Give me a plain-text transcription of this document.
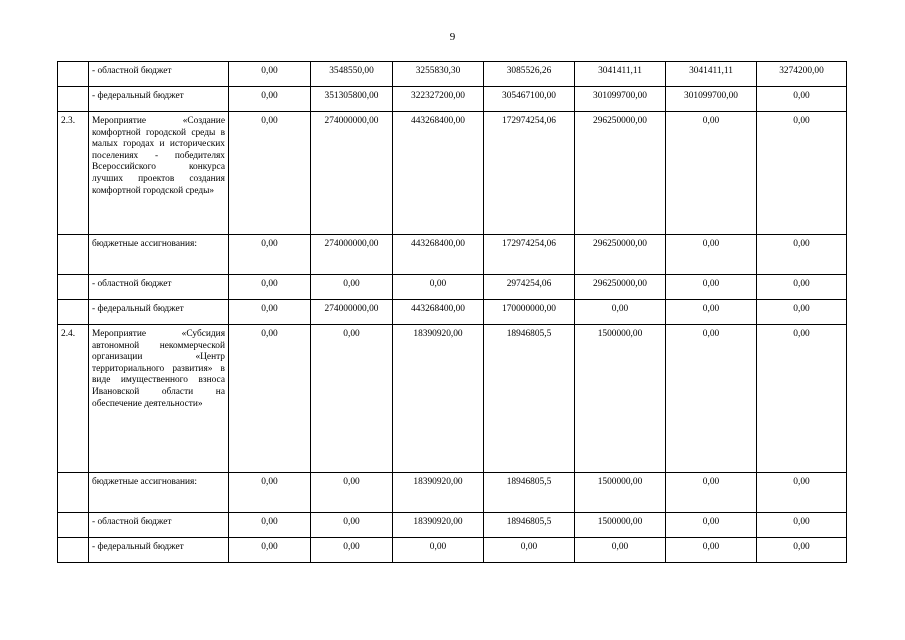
9
	- областной бюджет	0,00	3548550,00	3255830,30	3085526,26	3041411,11	3041411,11	3274200,00
	- федеральный бюджет	0,00	351305800,00	322327200,00	305467100,00	301099700,00	301099700,00	0,00
2.3.	Мероприятие «Создание комфортной городской среды в малых городах и исторических поселениях - победителях Всероссийского конкурса лучших проектов создания комфортной городской среды»	0,00	274000000,00	443268400,00	172974254,06	296250000,00	0,00	0,00
	бюджетные ассигнования:	0,00	274000000,00	443268400,00	172974254,06	296250000,00	0,00	0,00
	- областной бюджет	0,00	0,00	0,00	2974254,06	296250000,00	0,00	0,00
	- федеральный бюджет	0,00	274000000,00	443268400,00	170000000,00	0,00	0,00	0,00
2.4.	Мероприятие «Субсидия автономной некоммерческой организации «Центр территориального развития» в виде имущественного взноса Ивановской области на обеспечение деятельности»	0,00	0,00	18390920,00	18946805,5	1500000,00	0,00	0,00
	бюджетные ассигнования:	0,00	0,00	18390920,00	18946805,5	1500000,00	0,00	0,00
	- областной бюджет	0,00	0,00	18390920,00	18946805,5	1500000,00	0,00	0,00
	- федеральный бюджет	0,00	0,00	0,00	0,00	0,00	0,00	0,00
